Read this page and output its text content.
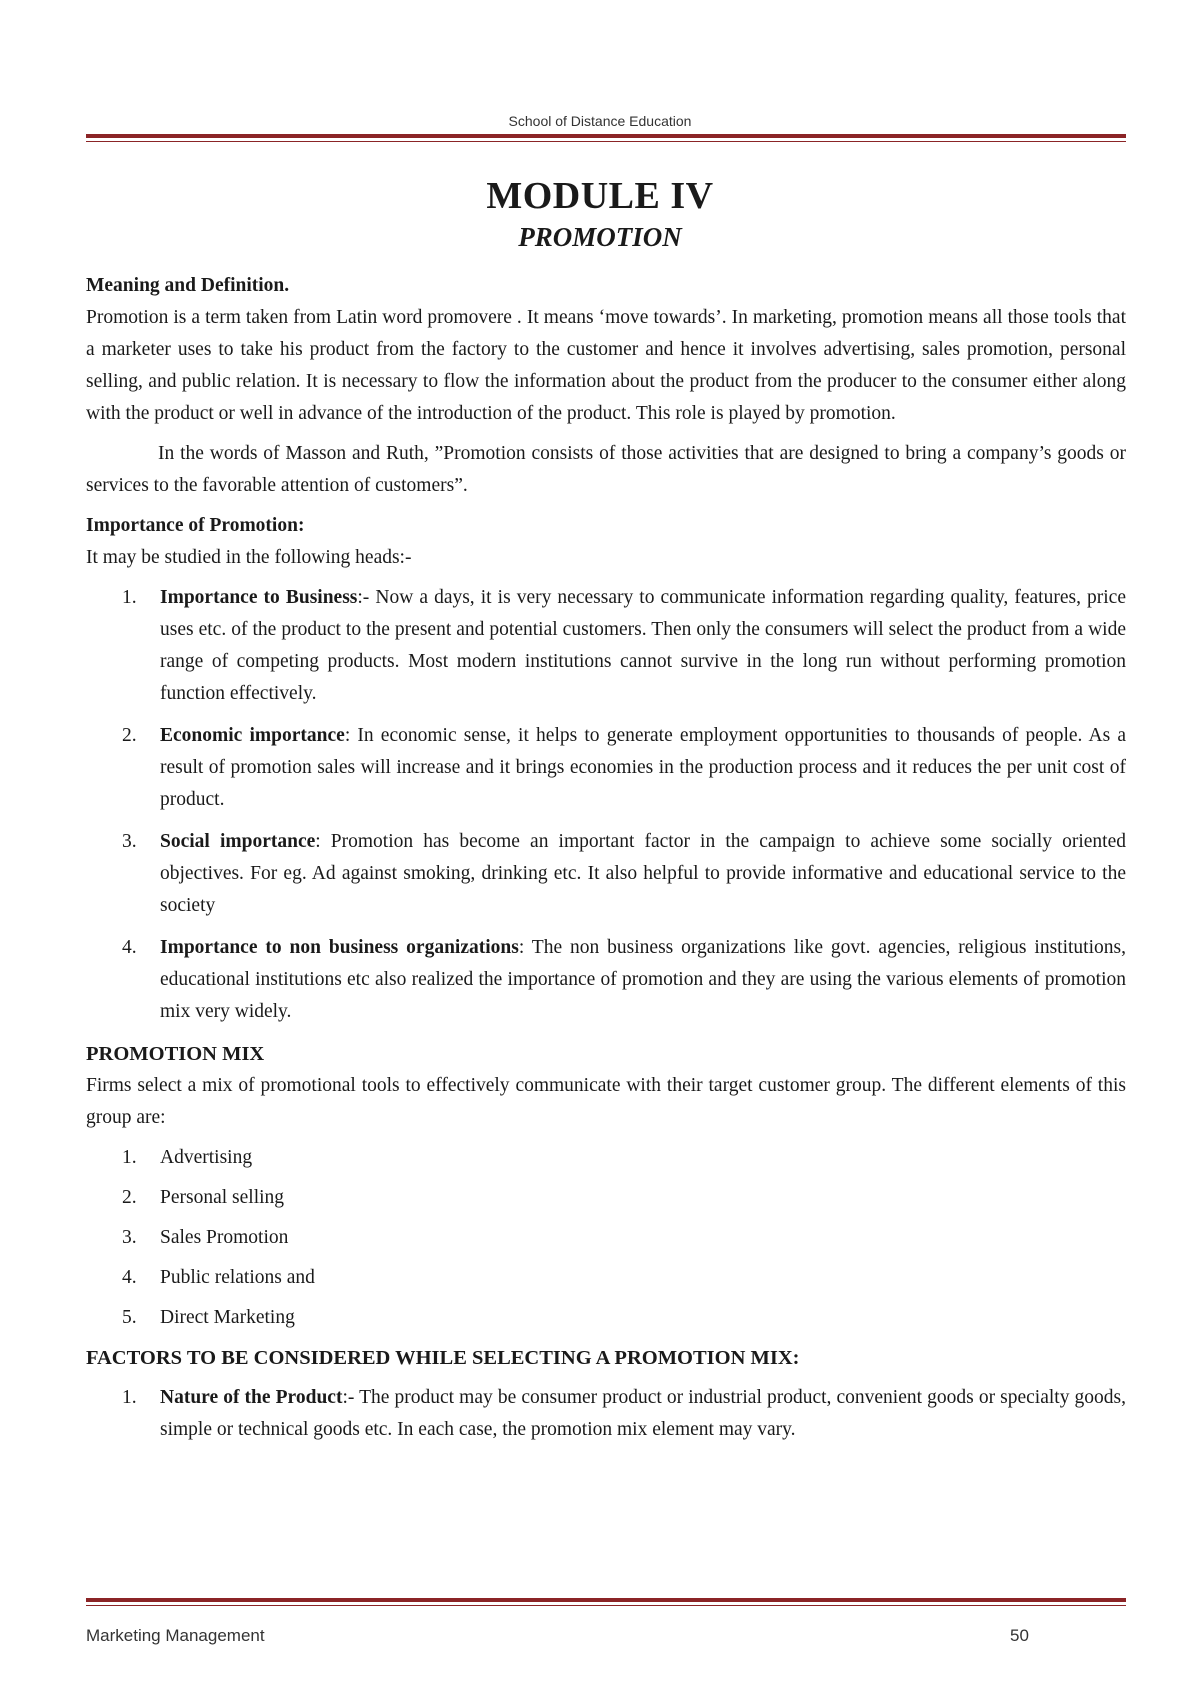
School of Distance Education
MODULE IV
PROMOTION

Meaning and Definition.

Promotion is a term taken from Latin word promovere . It means ‘move towards’. In marketing, promotion means all those tools that a marketer uses to take his product from the factory to the customer and hence it involves advertising, sales promotion, personal selling, and public relation. It is necessary to flow the information about the product from the producer to the consumer either along with the product or well in advance of the introduction of the product. This role is played by promotion.

In the words of Masson and Ruth, ”Promotion consists of those activities that are designed to bring a company’s goods or services to the favorable attention of customers”.

Importance of Promotion:

It may be studied in the following heads:-

1. Importance to Business:- Now a days, it is very necessary to communicate information regarding quality, features, price uses etc. of the product to the present and potential customers. Then only the consumers will select the product from a wide range of competing products. Most modern institutions cannot survive in the long run without performing promotion function effectively.
2. Economic importance: In economic sense, it helps to generate employment opportunities to thousands of people. As a result of promotion sales will increase and it brings economies in the production process and it reduces the per unit cost of product.
3. Social importance: Promotion has become an important factor in the campaign to achieve some socially oriented objectives. For eg. Ad against smoking, drinking etc. It also helpful to provide informative and educational service to the society
4. Importance to non business organizations: The non business organizations like govt. agencies, religious institutions, educational institutions etc also realized the importance of promotion and they are using the various elements of promotion mix very widely.

PROMOTION MIX

Firms select a mix of promotional tools to effectively communicate with their target customer group. The different elements of this group are:

1. Advertising
2. Personal selling
3. Sales Promotion
4. Public relations and
5. Direct Marketing

FACTORS TO BE CONSIDERED WHILE SELECTING A PROMOTION MIX:

1. Nature of the Product:- The product may be consumer product or industrial product, convenient goods or specialty goods, simple or technical goods etc. In each case, the promotion mix element may vary.
Marketing Management	50
